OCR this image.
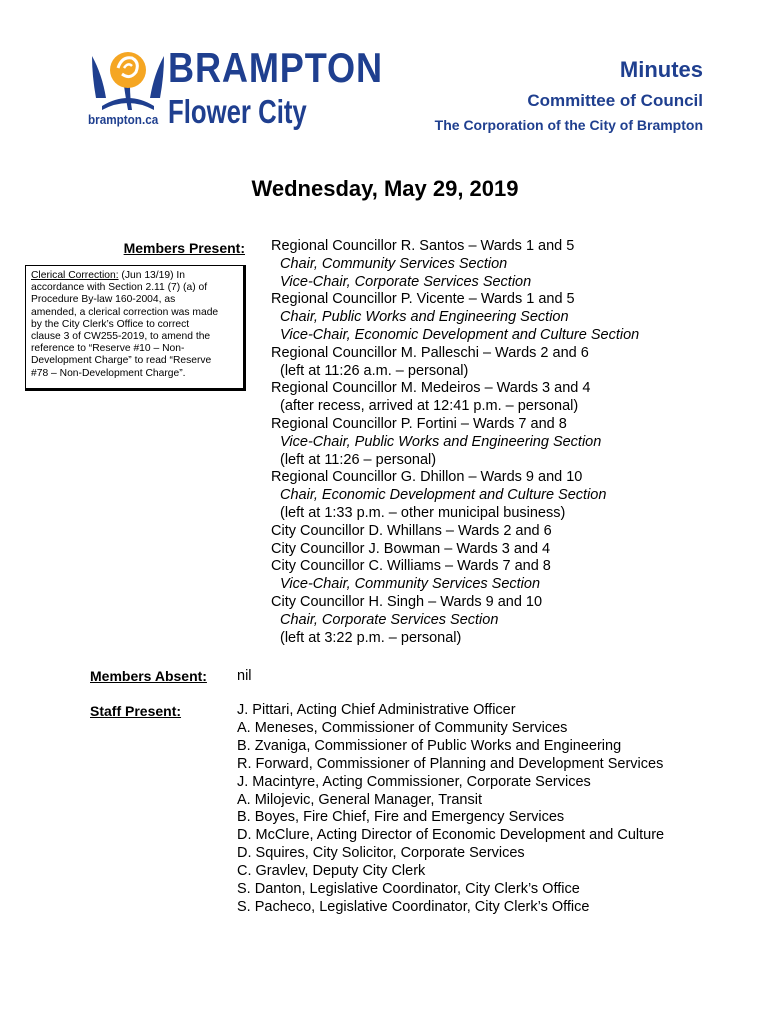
BRAMPTON
Flower City
brampton.ca
Minutes
Committee of Council
The Corporation of the City of Brampton
Wednesday, May 29, 2019
Members Present:
Clerical Correction: (Jun 13/19) In
accordance with Section 2.11 (7) (a) of
Procedure By-law 160-2004, as
amended, a clerical correction was made
by the City Clerk’s Office to correct
clause 3 of CW255-2019, to amend the
reference to “Reserve #10 – Non-
Development Charge” to read “Reserve
#78 – Non-Development Charge”.
Regional Councillor R. Santos – Wards 1 and 5
Chair, Community Services Section
Vice-Chair, Corporate Services Section
Regional Councillor P. Vicente – Wards 1 and 5
Chair, Public Works and Engineering Section
Vice-Chair, Economic Development and Culture Section
Regional Councillor M. Palleschi – Wards 2 and 6
(left at 11:26 a.m. – personal)
Regional Councillor M. Medeiros – Wards 3 and 4
(after recess, arrived at 12:41 p.m. – personal)
Regional Councillor P. Fortini – Wards 7 and 8
Vice-Chair, Public Works and Engineering Section
(left at 11:26 – personal)
Regional Councillor G. Dhillon – Wards 9 and 10
Chair, Economic Development and Culture Section
(left at 1:33 p.m. – other municipal business)
City Councillor D. Whillans – Wards 2 and 6
City Councillor J. Bowman – Wards 3 and 4
City Councillor C. Williams – Wards 7 and 8
Vice-Chair, Community Services Section
City Councillor H. Singh – Wards 9 and 10
Chair, Corporate Services Section
(left at 3:22 p.m. – personal)
Members Absent: nil
Staff Present:	J. Pittari, Acting Chief Administrative Officer
A. Meneses, Commissioner of Community Services
B. Zvaniga, Commissioner of Public Works and Engineering
R. Forward, Commissioner of Planning and Development Services
J. Macintyre, Acting Commissioner, Corporate Services
A. Milojevic, General Manager, Transit
B. Boyes, Fire Chief, Fire and Emergency Services
D. McClure, Acting Director of Economic Development and Culture
D. Squires, City Solicitor, Corporate Services
C. Gravlev, Deputy City Clerk
S. Danton, Legislative Coordinator, City Clerk’s Office
S. Pacheco, Legislative Coordinator, City Clerk’s Office
